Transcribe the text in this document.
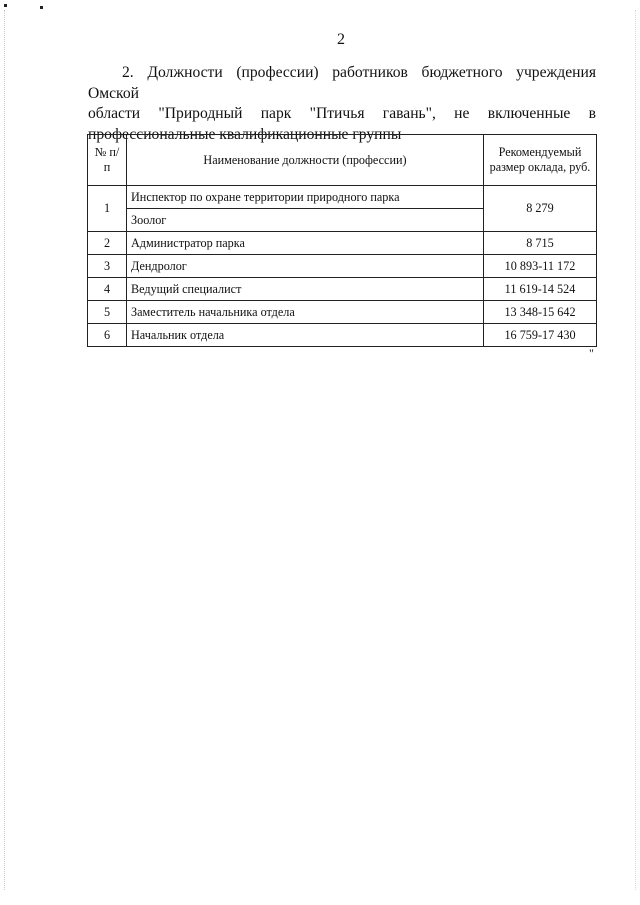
2
2. Должности (профессии) работников бюджетного учреждения Омской
области "Природный парк "Птичья гавань", не включенные в
профессиональные квалификационные группы
№ п/п	Наименование должности (профессии)	Рекомендуемый размер оклада, руб.
1	Инспектор по охране территории природного парка	8 279
	Зоолог	
2	Администратор парка	8 715
3	Дендролог	10 893-11 172
4	Ведущий специалист	11 619-14 524
5	Заместитель начальника отдела	13 348-15 642
6	Начальник отдела	16 759-17 430
"
